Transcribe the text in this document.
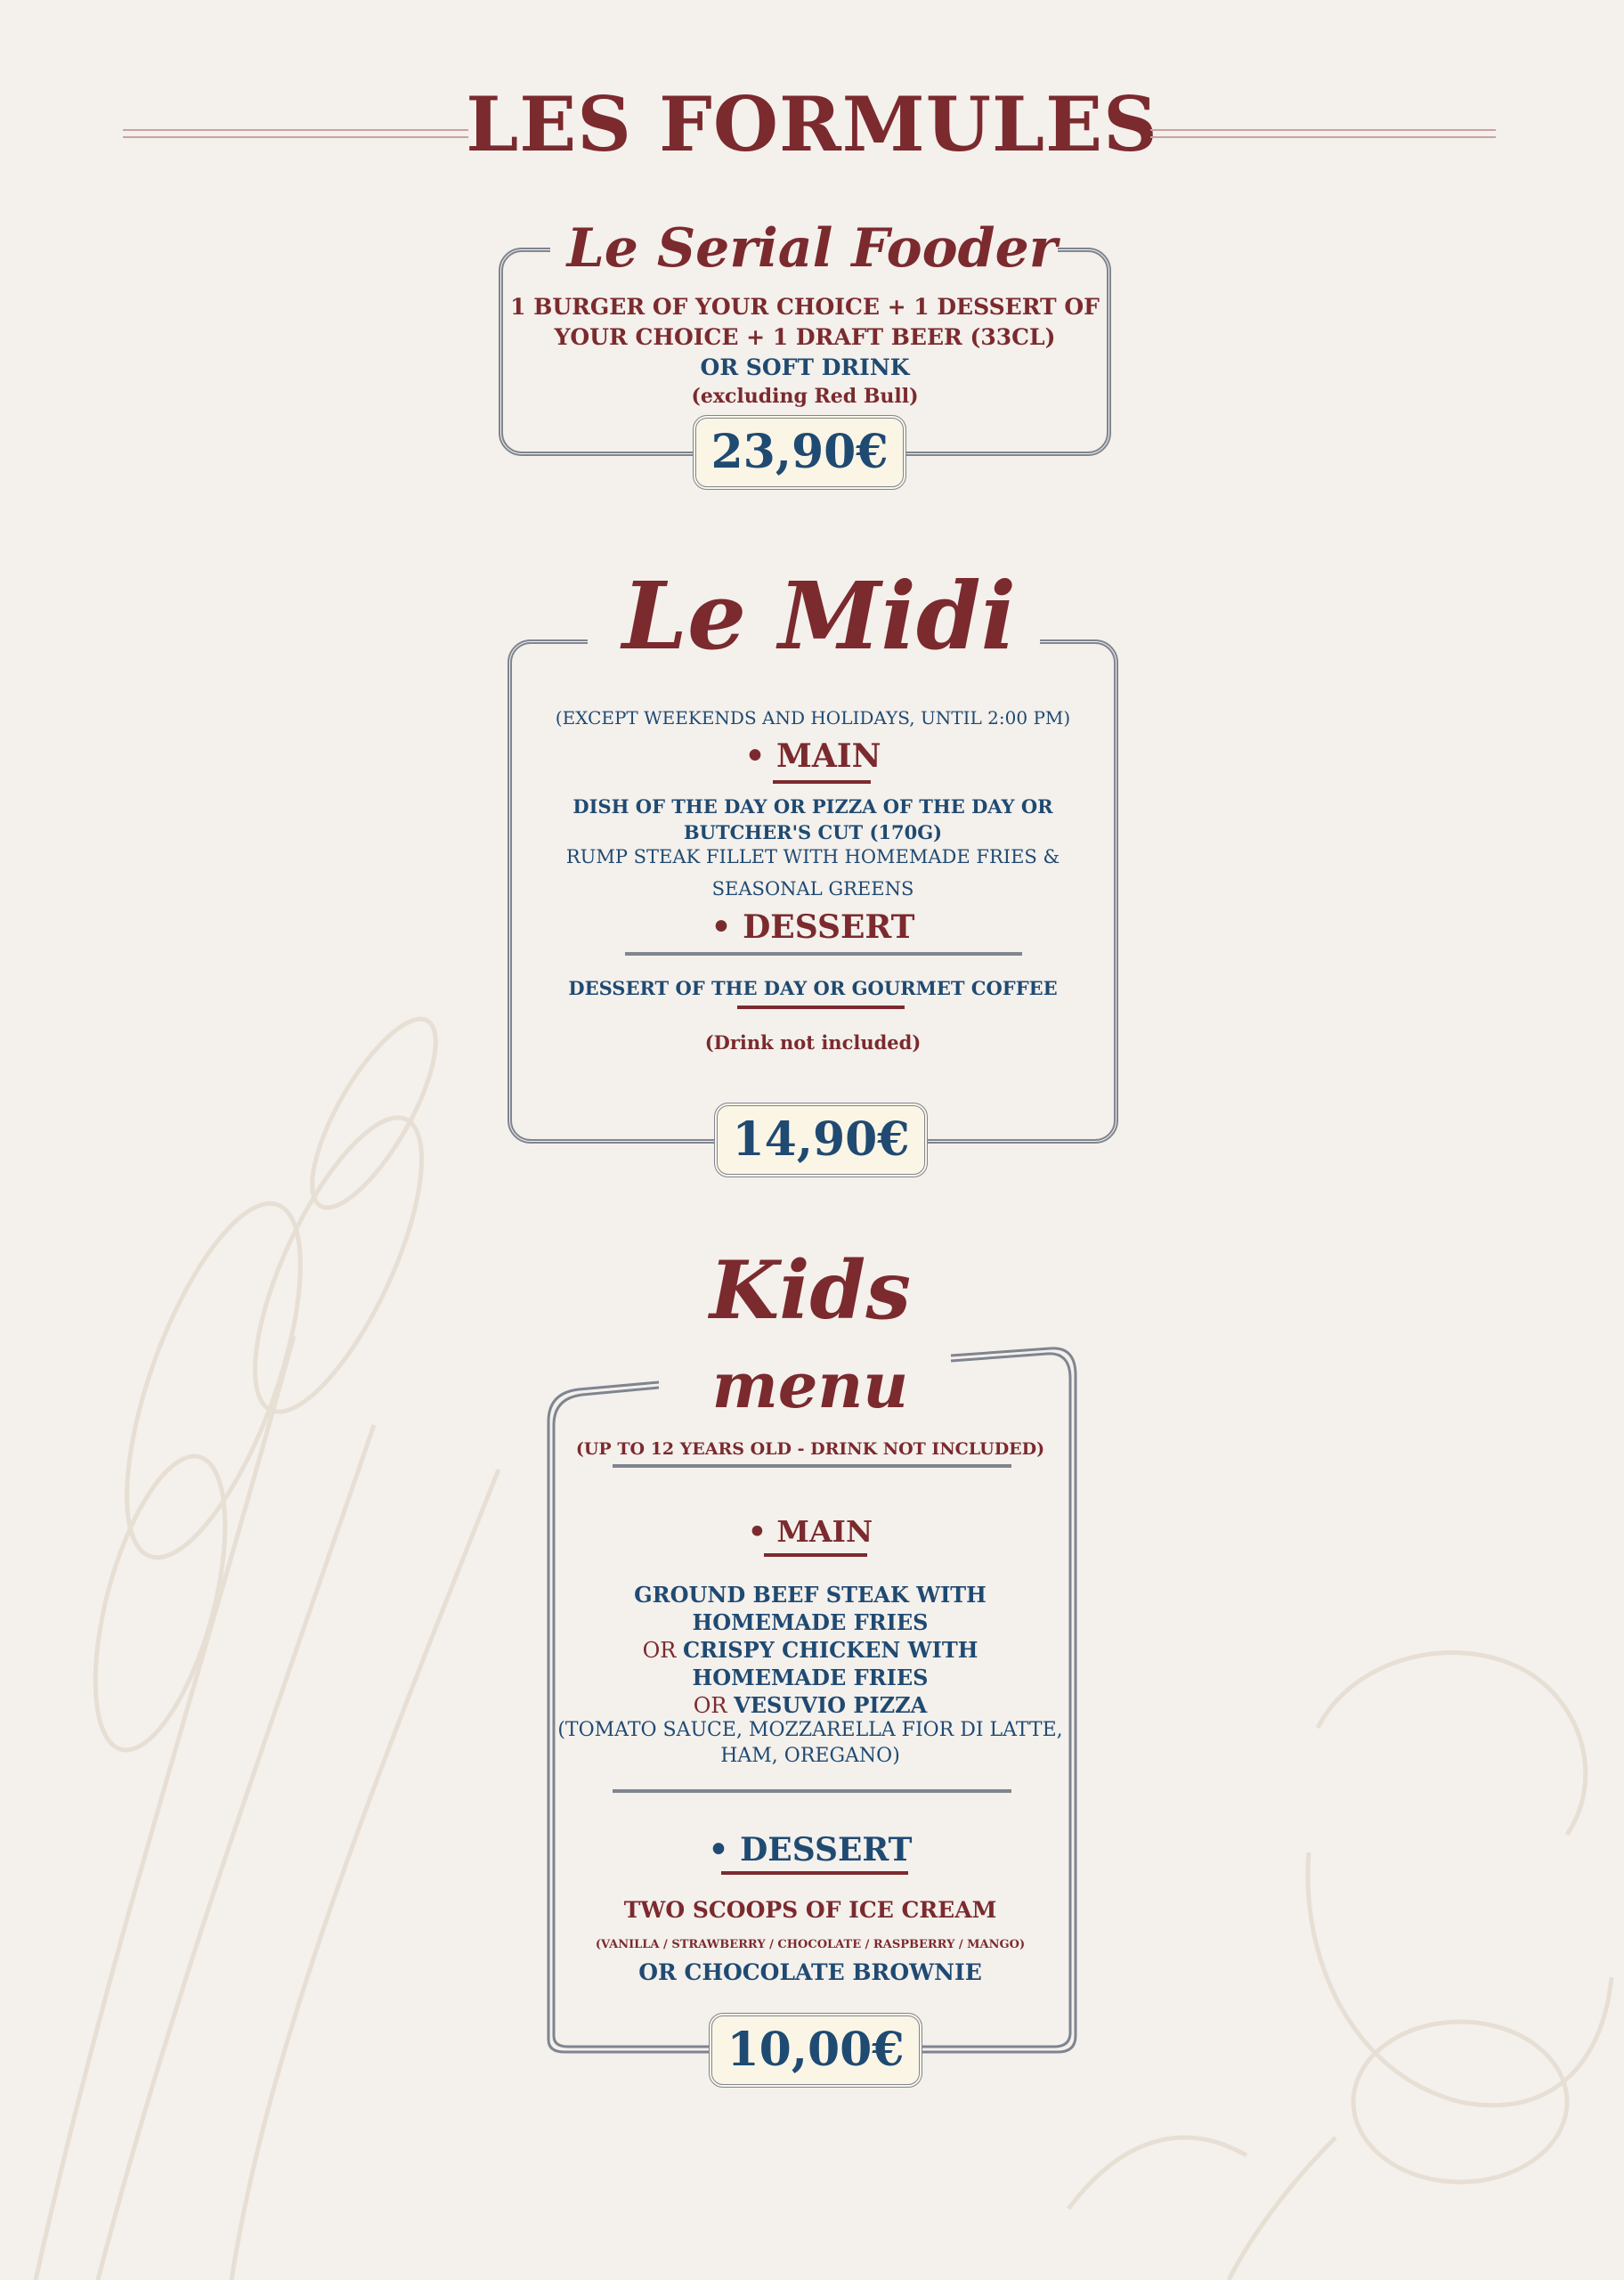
LES FORMULES
Le Serial Fooder
1 BURGER OF YOUR CHOICE + 1 DESSERT OF
YOUR CHOICE + 1 DRAFT BEER (33CL)
OR SOFT DRINK
(excluding Red Bull)
23,90€
Le Midi
(EXCEPT WEEKENDS AND HOLIDAYS, UNTIL 2:00 PM)
• MAIN
DISH OF THE DAY OR PIZZA OF THE DAY OR
BUTCHER'S CUT (170G)
RUMP STEAK FILLET WITH HOMEMADE FRIES &
SEASONAL GREENS
• DESSERT
DESSERT OF THE DAY OR GOURMET COFFEE
(Drink not included)
14,90€
Kids
menu
(UP TO 12 YEARS OLD - DRINK NOT INCLUDED)
• MAIN
GROUND BEEF STEAK WITH
HOMEMADE FRIES
OR CRISPY CHICKEN WITH
HOMEMADE FRIES
OR VESUVIO PIZZA
(TOMATO SAUCE, MOZZARELLA FIOR DI LATTE,
HAM, OREGANO)
• DESSERT
TWO SCOOPS OF ICE CREAM
(VANILLA / STRAWBERRY / CHOCOLATE / RASPBERRY / MANGO)
OR CHOCOLATE BROWNIE
10,00€
